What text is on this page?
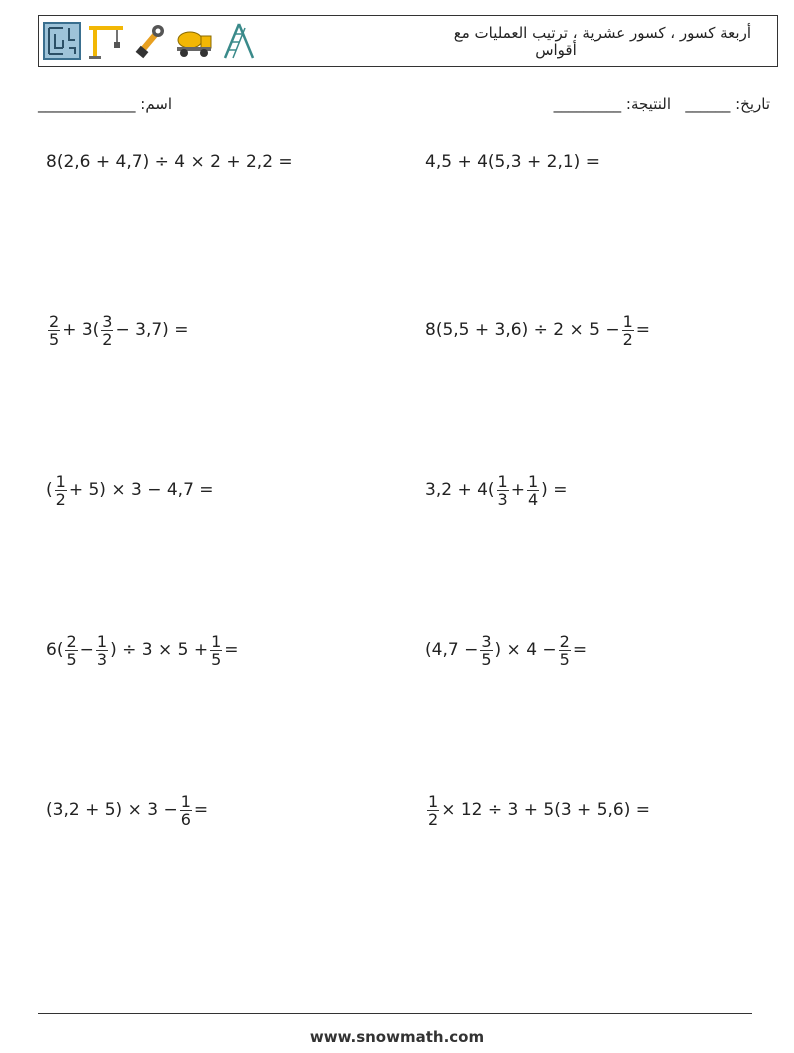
أربعة كسور ، كسور عشرية ، ترتيب العمليات مع
أقواس
اسم: _____________	تاريخ: ______   النتيجة: _________
8(2,6 + 4,7) ÷ 4 × 2 + 2,2 =	4,5 + 4(5,3 + 2,1) =
$\frac{2}{5} + 3( \frac{3}{2} - 3,7)$ =	$8(5,5 + 3,6) \div 2 \times 5 - \frac{1}{2}$ =
( $\frac{1}{2} + 5) \times 3 - 4,7$ =	$3,2 + 4( \frac{1}{3} + \frac{1}{4}$ ) =
$6( \frac{2}{5} - \frac{1}{3}$ ) ÷ $3 \times 5 + \frac{1}{5}$ =	($4,7 - \frac{3}{5}$ ) × $4 - \frac{2}{5}$ =
$(3,2 + 5) \times 3 - \frac{1}{6}$ =	$\frac{1}{2} \times 12 \div 3 + 5(3 + 5,6)$ =
www.snowmath.com
